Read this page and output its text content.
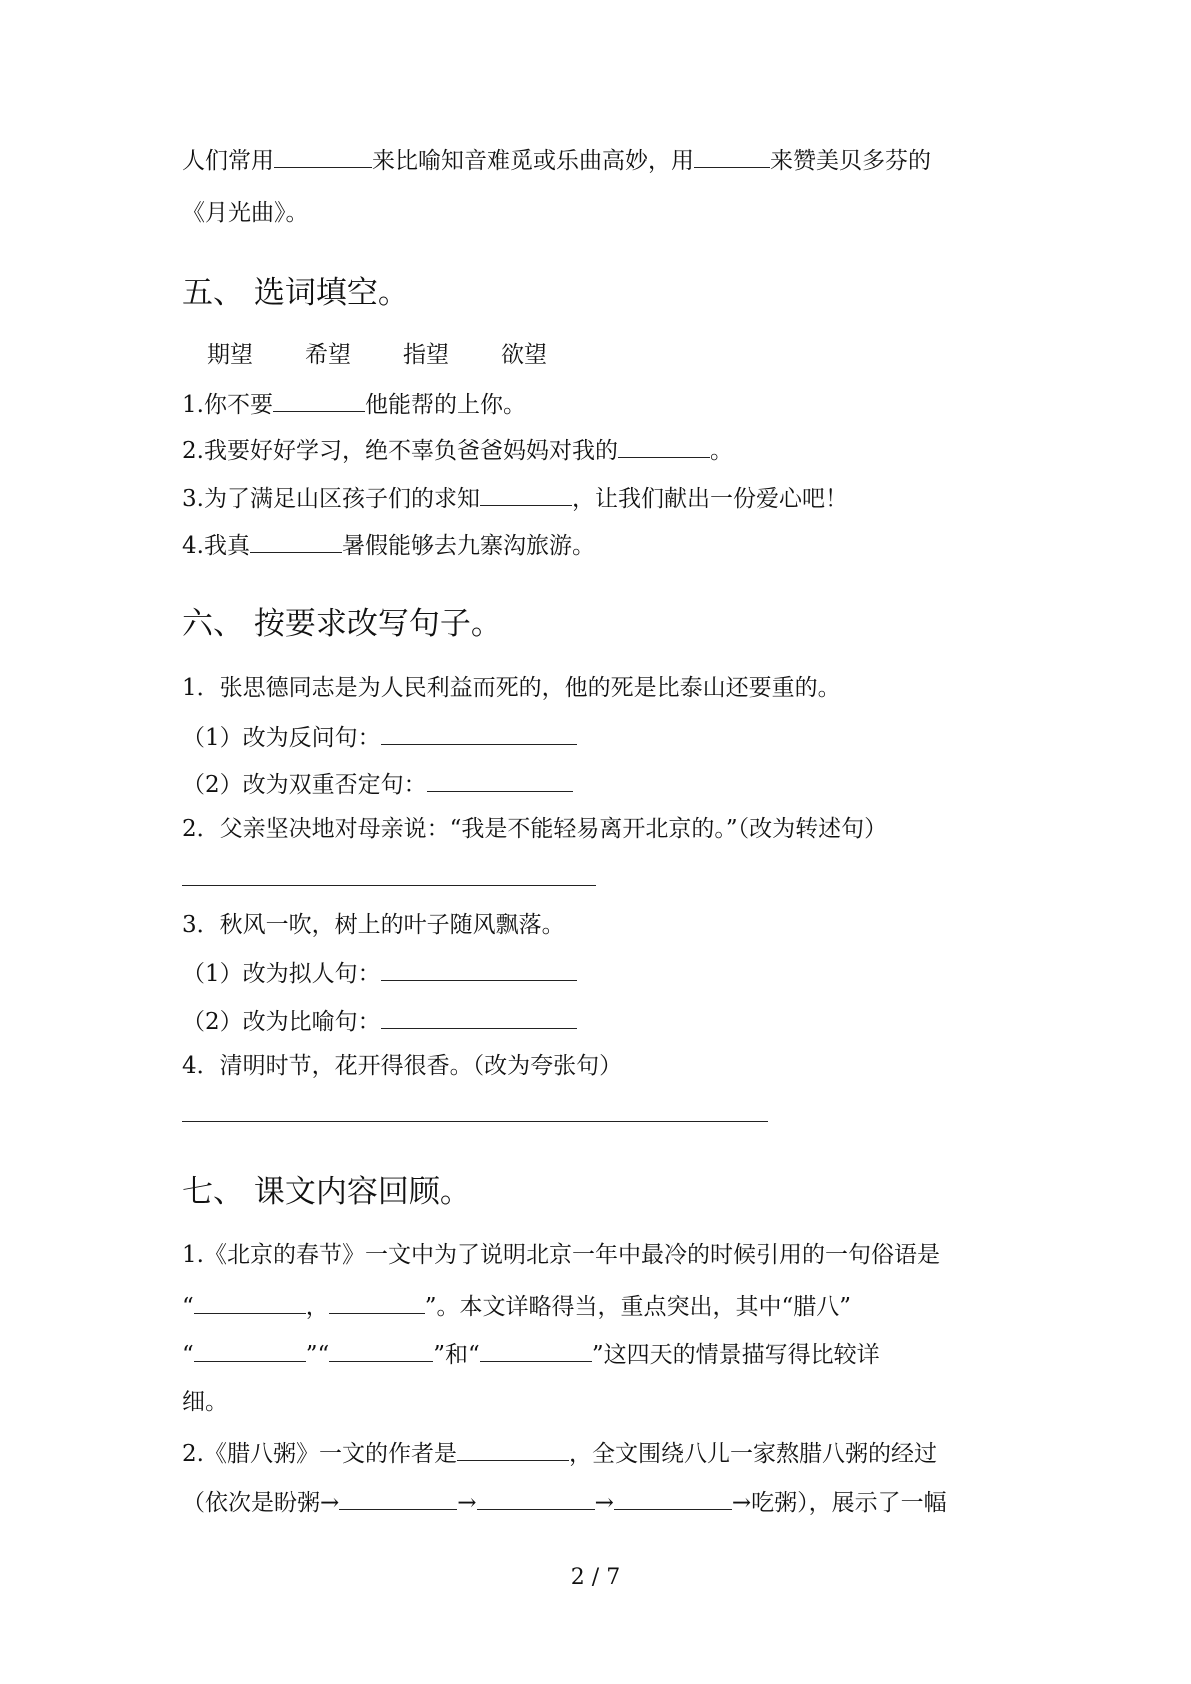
人们常用	来比喻知音难觅或乐曲高妙，用	来赞美贝多芬的
《月光曲》。
五、 选词填空。
期望 希望 指望 欲望
1.你不要	他能帮的上你。
2.我要好好学习，绝不辜负爸爸妈妈对我的	。
3.为了满足山区孩子们的求知	，让我们献出一份爱心吧！
4.我真	暑假能够去九寨沟旅游。
六、 按要求改写句子。
1．张思德同志是为人民利益而死的，他的死是比泰山还要重的。
（1）改为反问句：
（2）改为双重否定句：
2．父亲坚决地对母亲说：“我是不能轻易离开北京的。”（改为转述句）
3．秋风一吹，树上的叶子随风飘落。
（1）改为拟人句：
（2）改为比喻句：
4．清明时节，花开得很香。（改为夸张句）
七、 课文内容回顾。
1.《北京的春节》一文中为了说明北京一年中最冷的时候引用的一句俗语是
“	，	”。本文详略得当，重点突出，其中“腊八”
“	”“	”和“	”这四天的情景描写得比较详
细。
2.《腊八粥》一文的作者是	，全文围绕八儿一家熬腊八粥的经过
（依次是盼粥→	→	→	→吃粥），展示了一幅
2 / 7
